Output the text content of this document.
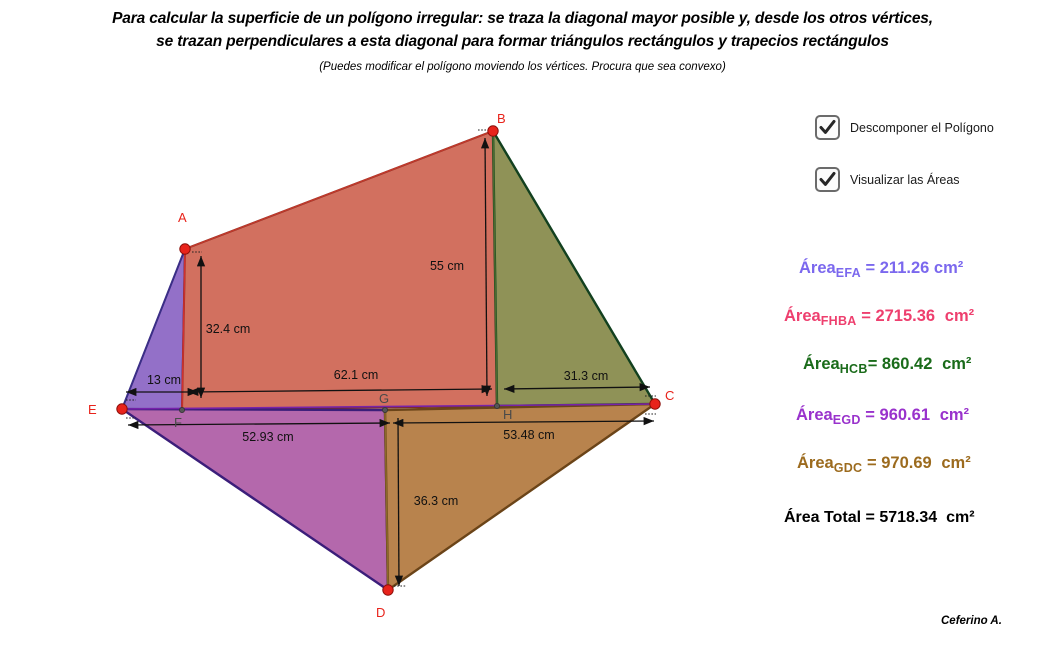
Para calcular la superficie de un polígono irregular: se traza la diagonal mayor posible y, desde los otros vértices,
se trazan perpendiculares a esta diagonal para formar triángulos rectángulos y trapecios rectángulos
(Puedes modificar el polígono moviendo los vértices. Procura que sea convexo)
A
B
C
D
E
F
G
H
13 cm
32.4 cm
62.1 cm
55 cm
31.3 cm
52.93 cm	53.48 cm
36.3 cm
Descomponer el Polígono
Visualizar las Áreas
Área$_{EFA}$ = 211.26 cm²
Área$_{FHBA}$ = 2715.36 cm²
Área$_{HCB}$= 860.42 cm²
Área$_{EGD}$ = 960.61 cm²
Área$_{GDC}$ = 970.69 cm²
Área Total = 5718.34 cm²
Ceferino A.
